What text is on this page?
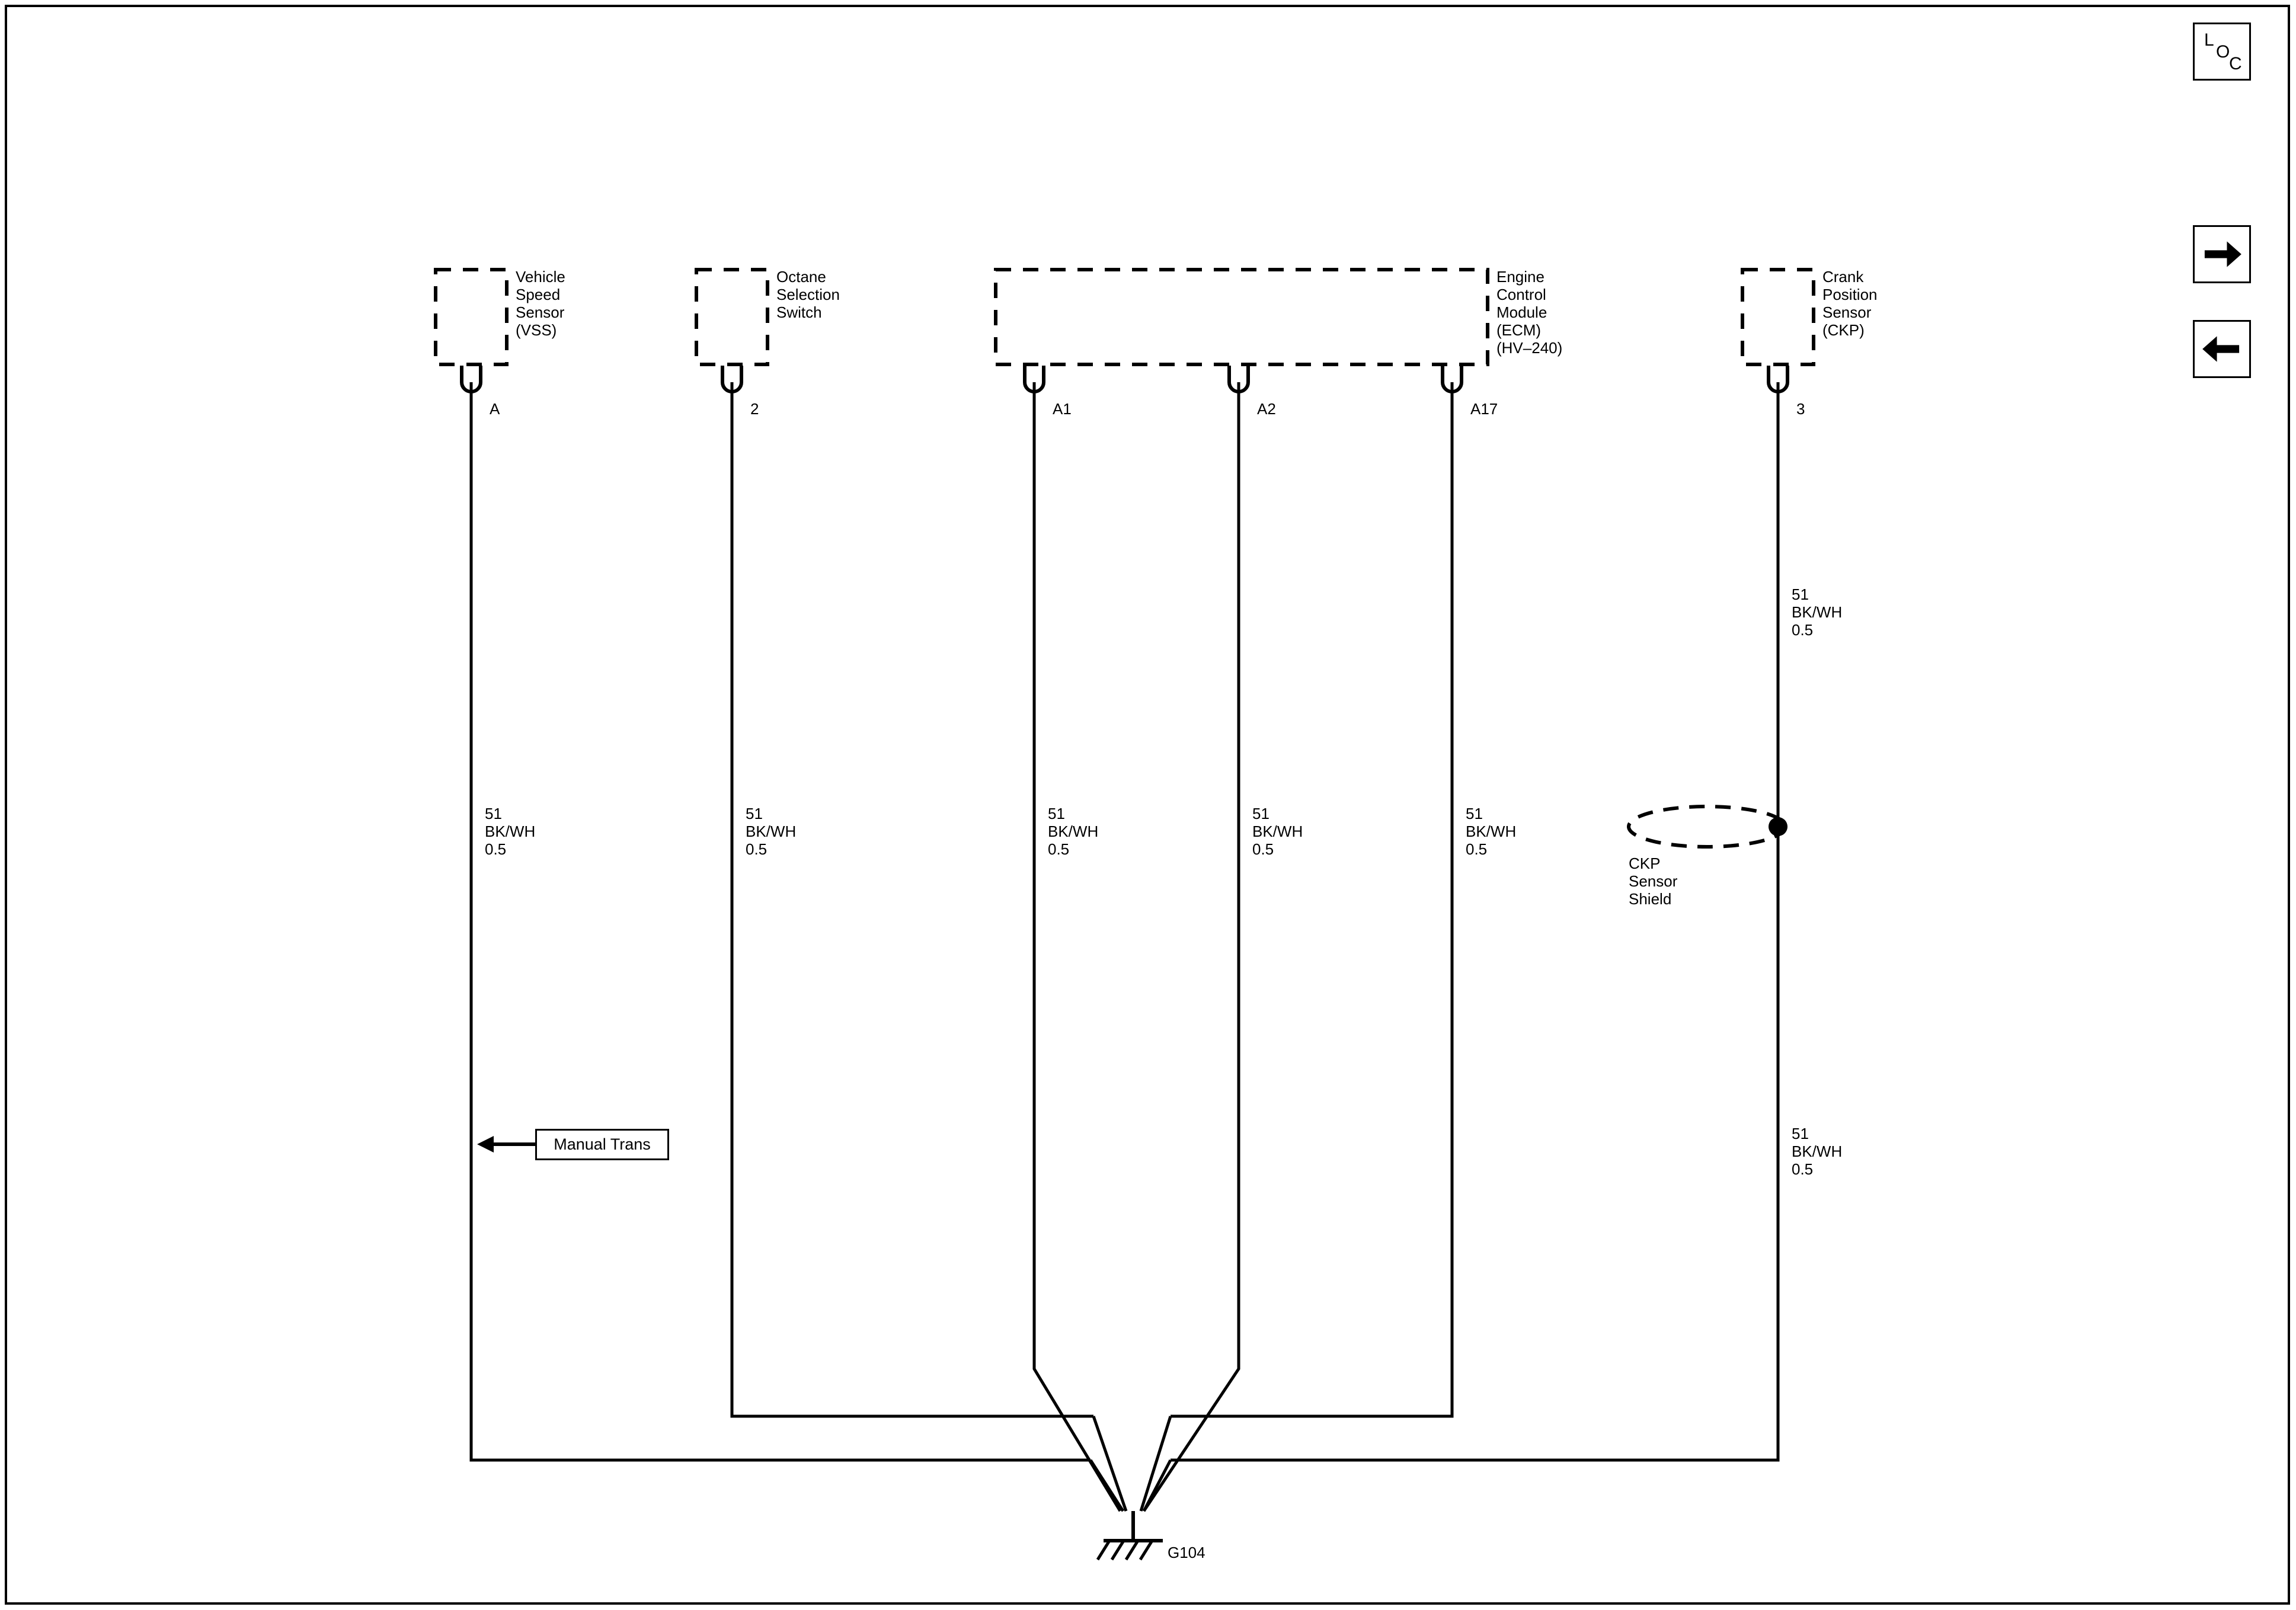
Vehicle
Speed
Sensor
(VSS)
Octane
Selection
Switch
Engine
Control
Module
(ECM)
(HV–240)
Crank
Position
Sensor
(CKP)
A	2	A1	A2	A17	3
51
BK/WH
0.5
51
BK/WH
0.5
51
BK/WH
0.5
51
BK/WH
0.5
51
BK/WH
0.5
51
BK/WH
0.5
51
BK/WH
0.5
CKP
Sensor
Shield
G104
Manual Trans
L
O
C
